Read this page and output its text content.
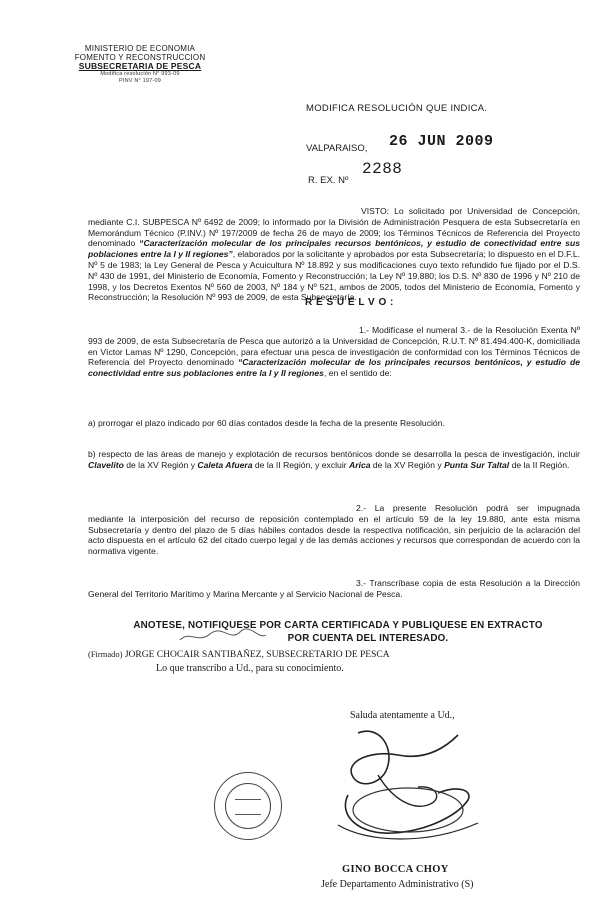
MINISTERIO DE ECONOMIA
FOMENTO Y RECONSTRUCCION
SUBSECRETARIA DE PESCA
Modifica resolución N° 993-09
PINV N° 197-09
MODIFICA RESOLUCIÓN QUE INDICA.
VALPARAISO, 26 JUN 2009
R. EX. Nº
2288
VISTO: Lo solicitado por Universidad de Concepción, mediante C.I. SUBPESCA Nº 6492 de 2009; lo informado por la División de Administración Pesquera de esta Subsecretaría en Memorándum Técnico (P.INV.) Nº 197/2009 de fecha 26 de mayo de 2009; los Términos Técnicos de Referencia del Proyecto denominado “Caracterización molecular de los principales recursos bentónicos, y estudio de conectividad entre sus poblaciones entre la I y II regiones”, elaborados por la solicitante y aprobados por esta Subsecretaría; lo dispuesto en el D.F.L. Nº 5 de 1983; la Ley General de Pesca y Acuicultura Nº 18.892 y sus modificaciones cuyo texto refundido fue fijado por el D.S. Nº 430 de 1991, del Ministerio de Economía, Fomento y Reconstrucción; la Ley Nº 19.880; los D.S. Nº 830 de 1996 y Nº 210 de 1998, y los Decretos Exentos Nº 560 de 2003, Nº 184 y Nº 521, ambos de 2005, todos del Ministerio de Economía, Fomento y Reconstrucción; la Resolución Nº 993 de 2009, de esta Subsecretaría.
R E S U E L V O :
1.- Modifícase el numeral 3.- de la Resolución Exenta Nº 993 de 2009, de esta Subsecretaría de Pesca que autorizó a la Universidad de Concepción, R.U.T. Nº 81.494.400-K, domiciliada en Víctor Lamas Nº 1290, Concepción, para efectuar una pesca de investigación de conformidad con los Términos Técnicos de Referencia del Proyecto denominado “Caracterización molecular de los principales recursos bentónicos, y estudio de conectividad entre sus poblaciones entre la I y II regiones, en el sentido de:
a) prorrogar el plazo indicado por 60 días contados desde la fecha de la presente Resolución.
b) respecto de las áreas de manejo y explotación de recursos bentónicos donde se desarrolla la pesca de investigación, incluir Clavelito de la XV Región y Caleta Afuera de la II Región, y excluir Arica de la XV Región y Punta Sur Taltal de la II Región.
2.- La presente Resolución podrá ser impugnada mediante la interposición del recurso de reposición contemplado en el artículo 59 de la ley 19.880, ante esta misma Subsecretaría y dentro del plazo de 5 días hábiles contados desde la respectiva notificación, sin perjuicio de la aclaración del acto dispuesta en el artículo 62 del citado cuerpo legal y de las demás acciones y recursos que correspondan de acuerdo con la normativa vigente.
3.- Transcríbase copia de esta Resolución a la Dirección General del Territorio Marítimo y Marina Mercante y al Servicio Nacional de Pesca.
ANOTESE, NOTIFIQUESE POR CARTA CERTIFICADA Y PUBLIQUESE EN EXTRACTO
POR CUENTA DEL INTERESADO.
(Firmado) JORGE CHOCAIR SANTIBAÑEZ, SUBSECRETARIO DE PESCA
Lo que transcribo a Ud., para su conocimiento.
Saluda atentamente a Ud.,
GINO BOCCA CHOY
Jefe Departamento Administrativo (S)
